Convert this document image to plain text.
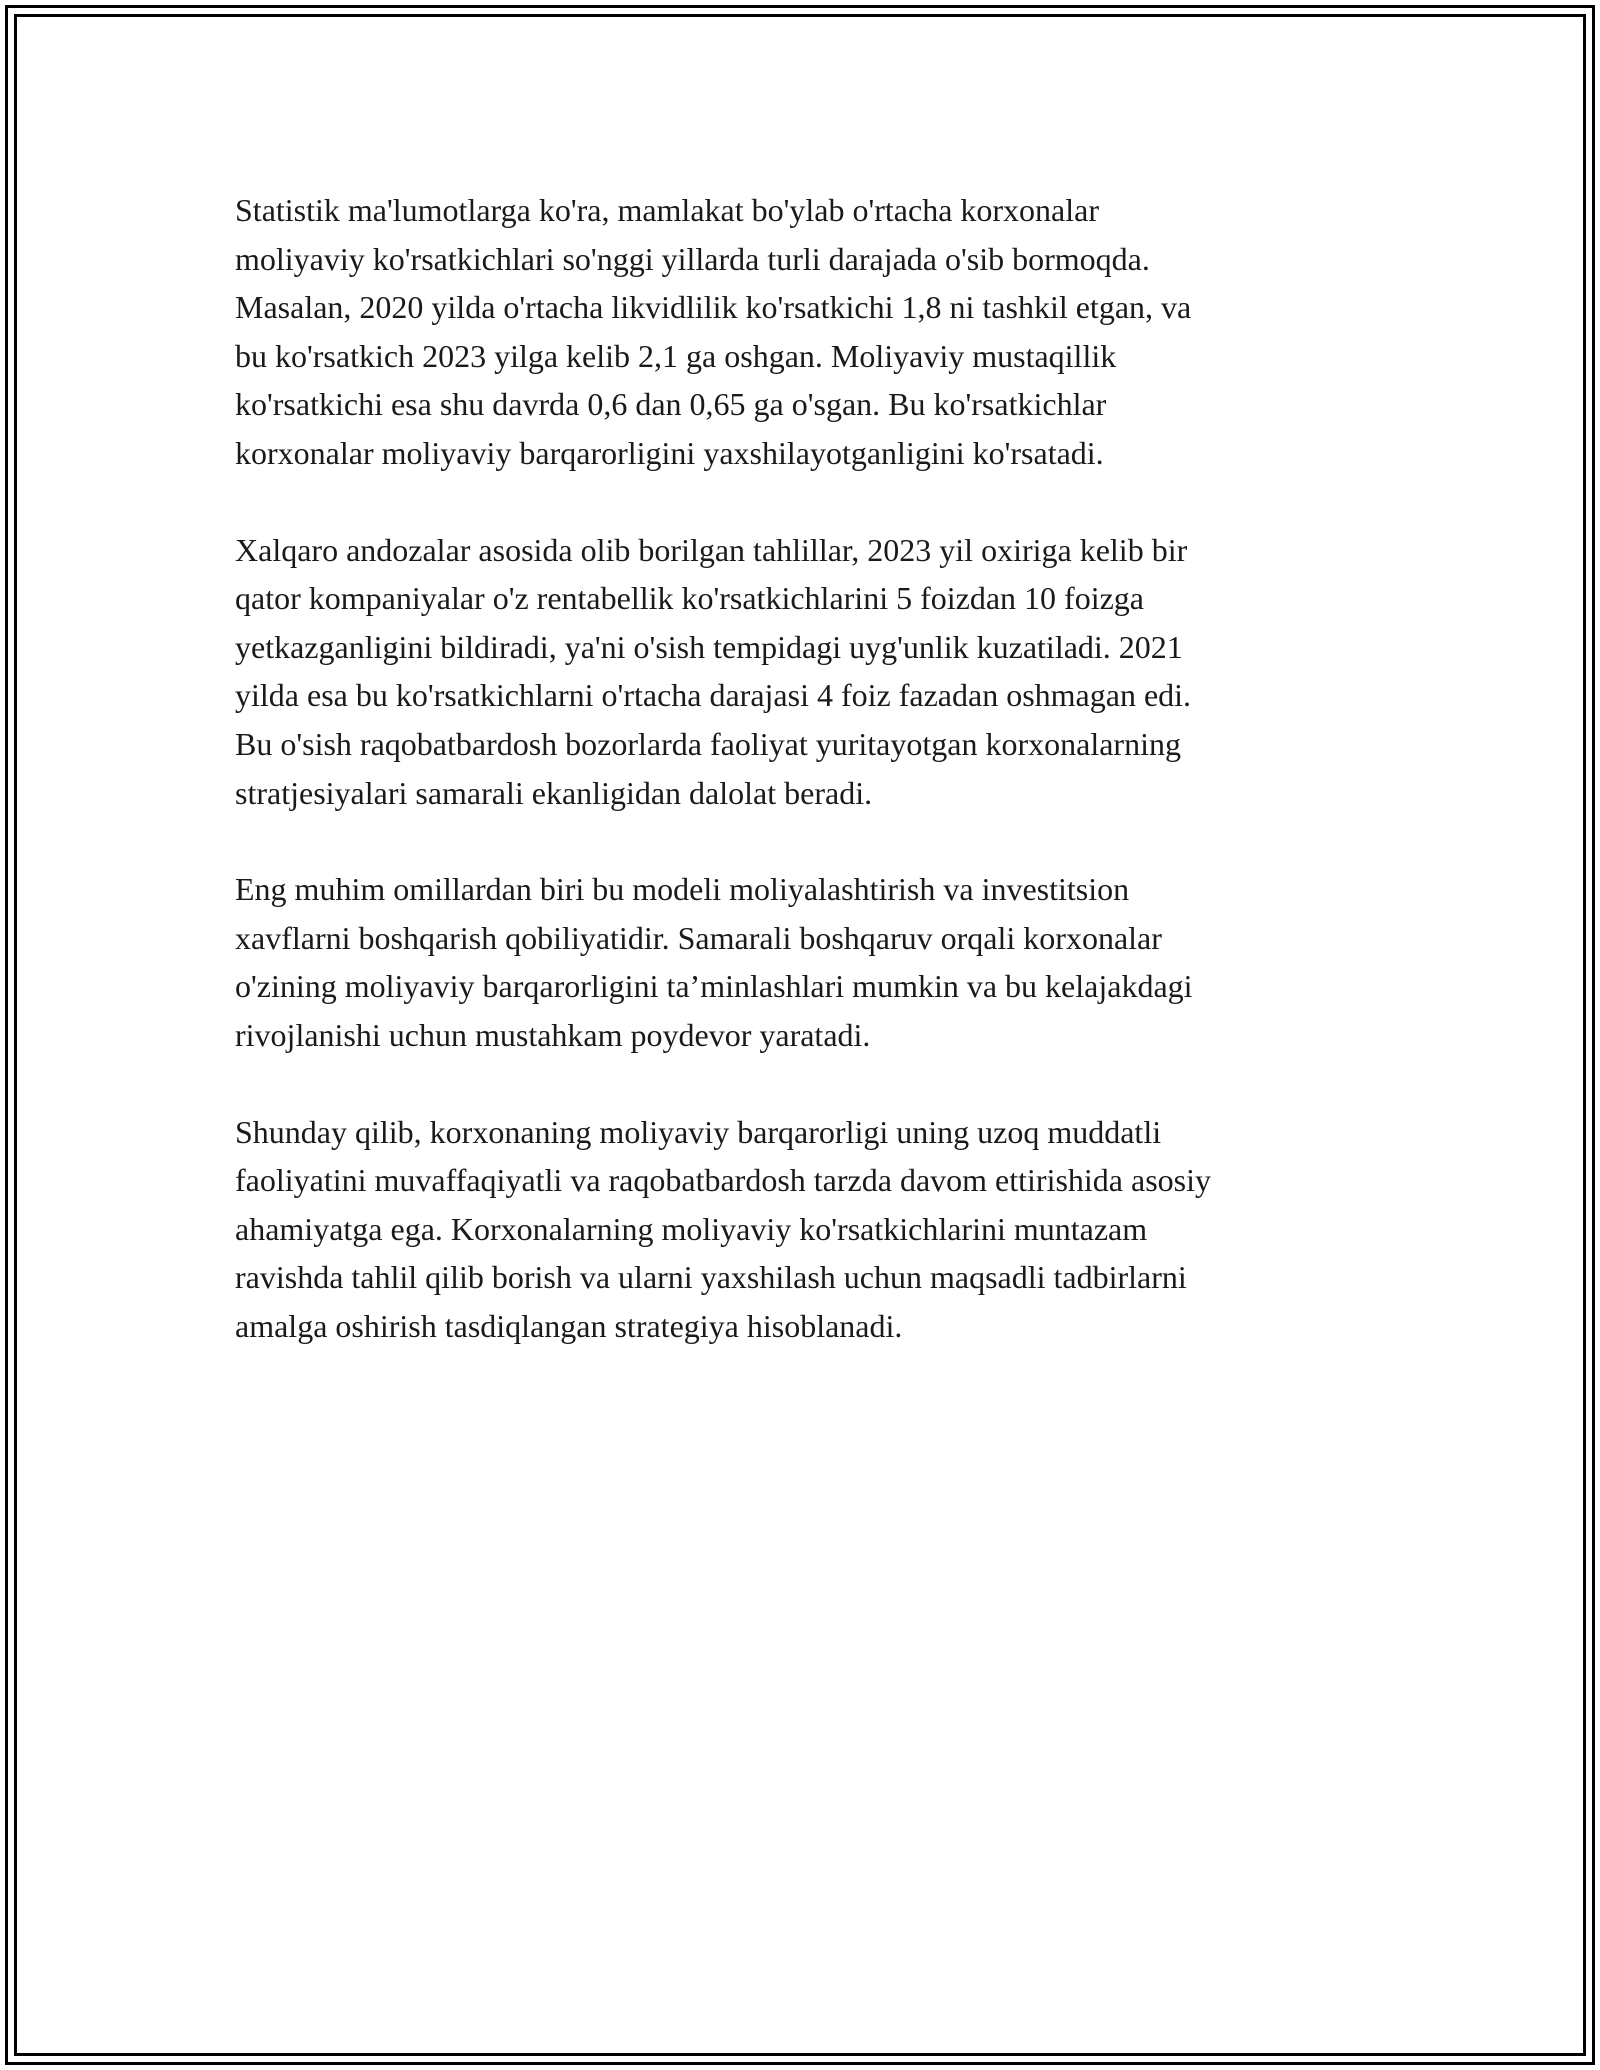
Statistik ma'lumotlarga ko'ra, mamlakat bo'ylab o'rtacha korxonalar
moliyaviy ko'rsatkichlari so'nggi yillarda turli darajada o'sib bormoqda.
Masalan, 2020 yilda o'rtacha likvidlilik ko'rsatkichi 1,8 ni tashkil etgan, va
bu ko'rsatkich 2023 yilga kelib 2,1 ga oshgan. Moliyaviy mustaqillik
ko'rsatkichi esa shu davrda 0,6 dan 0,65 ga o'sgan. Bu ko'rsatkichlar
korxonalar moliyaviy barqarorligini yaxshilayotganligini ko'rsatadi.

Xalqaro andozalar asosida olib borilgan tahlillar, 2023 yil oxiriga kelib bir
qator kompaniyalar o'z rentabellik ko'rsatkichlarini 5 foizdan 10 foizga
yetkazganligini bildiradi, ya'ni o'sish tempidagi uyg'unlik kuzatiladi. 2021
yilda esa bu ko'rsatkichlarni o'rtacha darajasi 4 foiz fazadan oshmagan edi.
Bu o'sish raqobatbardosh bozorlarda faoliyat yuritayotgan korxonalarning
stratjesiyalari samarali ekanligidan dalolat beradi.

Eng muhim omillardan biri bu modeli moliyalashtirish va investitsion
xavflarni boshqarish qobiliyatidir. Samarali boshqaruv orqali korxonalar
o'zining moliyaviy barqarorligini ta’minlashlari mumkin va bu kelajakdagi
rivojlanishi uchun mustahkam poydevor yaratadi.

Shunday qilib, korxonaning moliyaviy barqarorligi uning uzoq muddatli
faoliyatini muvaffaqiyatli va raqobatbardosh tarzda davom ettirishida asosiy
ahamiyatga ega. Korxonalarning moliyaviy ko'rsatkichlarini muntazam
ravishda tahlil qilib borish va ularni yaxshilash uchun maqsadli tadbirlarni
amalga oshirish tasdiqlangan strategiya hisoblanadi.
